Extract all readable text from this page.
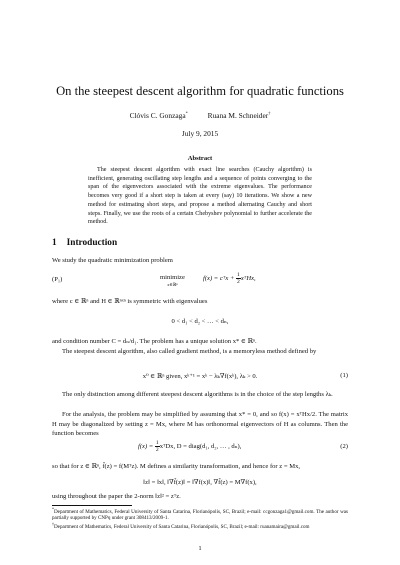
On the steepest descent algorithm for quadratic functions
Clóvis C. Gonzaga*	Ruana M. Schneider†
July 9, 2015
Abstract
The steepest descent algorithm with exact line searches (Cauchy algorithm) is inefficient, generating oscillating step lengths and a sequence of points converging to the span of the eigenvectors associated with the extreme eigenvalues. The performance becomes very good if a short step is taken at every (say) 10 iterations. We show a new method for estimating short steps, and propose a method alternating Cauchy and short steps. Finally, we use the roots of a certain Chebyshev polynomial to further accelerate the method.
1 Introduction
We study the quadratic minimization problem
(P₁)	minimize
x∈ℝⁿ
f(x) = cᵀx + $\frac{1}{2}$ xᵀHx,
where c ∈ ℝⁿ and H ∈ ℝⁿˣⁿ is symmetric with eigenvalues
0 < d₁ < d₂ < … < dₙ,
and condition number C = dₙ/d₁. The problem has a unique solution x* ∈ ℝⁿ.
The steepest descent algorithm, also called gradient method, is a memoryless method defined by
x⁰ ∈ ℝⁿ given, xᵏ⁺¹ = xᵏ − λₖ∇f(xᵏ), λₖ > 0.	(1)
The only distinction among different steepest descent algorithms is in the choice of the step lengths λₖ.
For the analysis, the problem may be simplified by assuming that x* = 0, and so f(x) = xᵀHx/2. The matrix H may be diagonalized by setting z = Mx, where M has orthonormal eigenvectors of H as columns. Then the function becomes
$f(x) = \frac{1}{2}$ xᵀDx, D = diag(d₁, d₂, … , dₙ),	(2)
so that for z ∈ ℝⁿ, f̃(z) = f(Mᵀz). M defines a similarity transformation, and hence for z = Mx,
‖z‖ = ‖x‖, ‖∇f̃(z)‖ = ‖∇f(x)‖, ∇f̃(z) = M∇f(x),
using throughout the paper the 2-norm ‖z‖² = zᵀz.
*Department of Mathematics, Federal University of Santa Catarina, Florianópolis, SC, Brazil; e-mail: ccgonzaga1@gmail.com. The author was partially supported by CNPq under grant 308413/2009-1.
†Department of Mathematics, Federal University of Santa Catarina, Florianópolis, SC, Brazil; e-mail: ruanamaira@gmail.com
1
